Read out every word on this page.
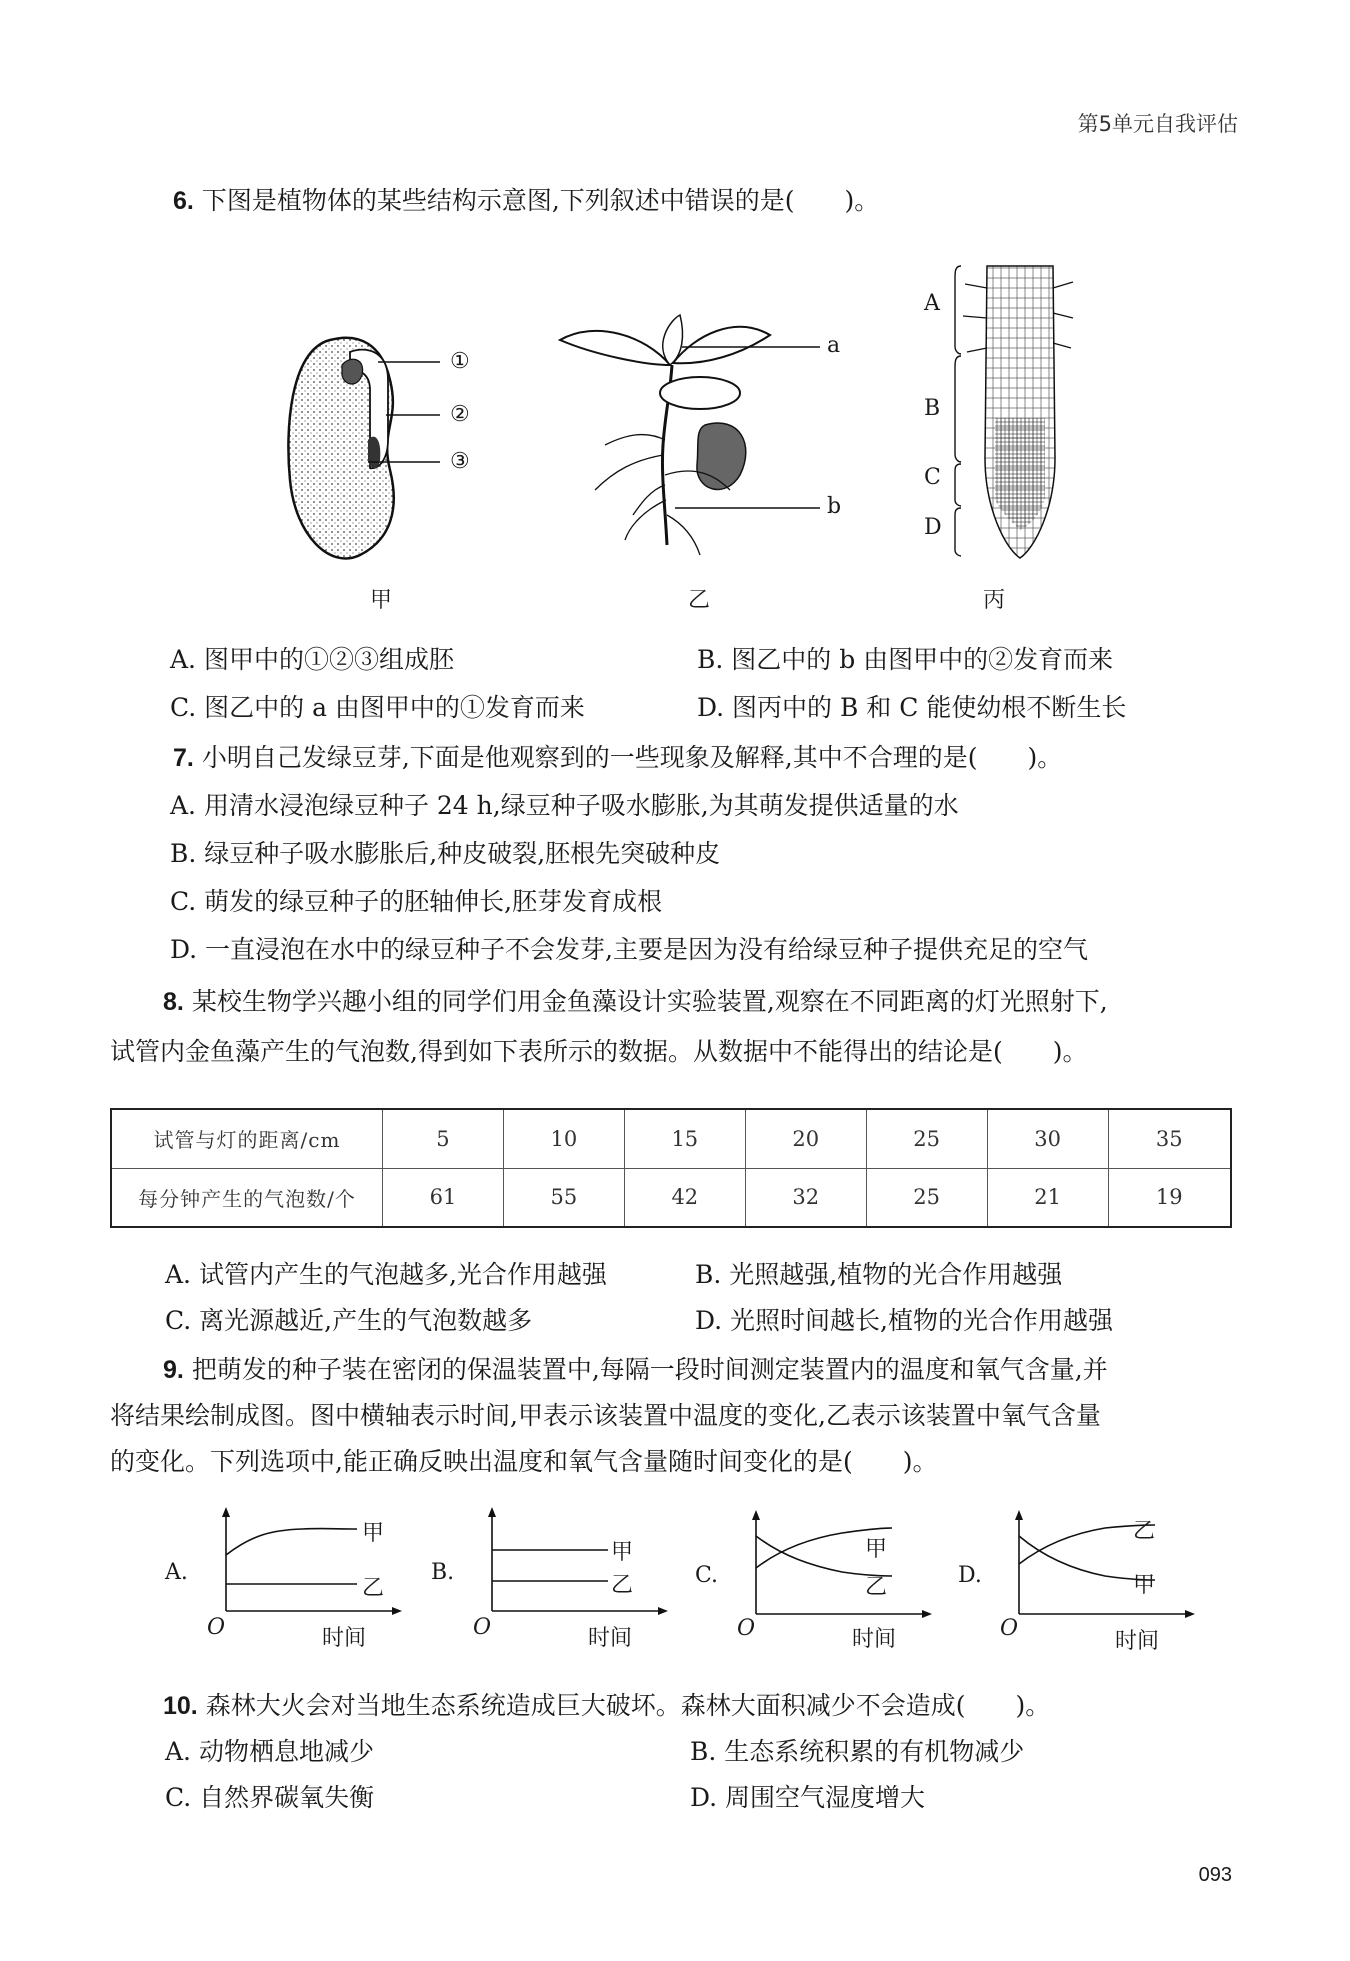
第5单元自我评估
6. 下图是植物体的某些结构示意图,下列叙述中错误的是(　　)。
①
②
③
甲
a
b
乙
A
B
C
D
丙
A. 图甲中的①②③组成胚	B. 图乙中的 b 由图甲中的②发育而来
C. 图乙中的 a 由图甲中的①发育而来	D. 图丙中的 B 和 C 能使幼根不断生长
7. 小明自己发绿豆芽,下面是他观察到的一些现象及解释,其中不合理的是(　　)。
A. 用清水浸泡绿豆种子 24 h,绿豆种子吸水膨胀,为其萌发提供适量的水
B. 绿豆种子吸水膨胀后,种皮破裂,胚根先突破种皮
C. 萌发的绿豆种子的胚轴伸长,胚芽发育成根
D. 一直浸泡在水中的绿豆种子不会发芽,主要是因为没有给绿豆种子提供充足的空气
8. 某校生物学兴趣小组的同学们用金鱼藻设计实验装置,观察在不同距离的灯光照射下,
试管内金鱼藻产生的气泡数,得到如下表所示的数据。从数据中不能得出的结论是(　　)。
试管与灯的距离/cm	5	10	15	20	25	30	35
每分钟产生的气泡数/个	61	55	42	32	25	21	19
A. 试管内产生的气泡越多,光合作用越强	B. 光照越强,植物的光合作用越强
C. 离光源越近,产生的气泡数越多	D. 光照时间越长,植物的光合作用越强
9. 把萌发的种子装在密闭的保温装置中,每隔一段时间测定装置内的温度和氧气含量,并
将结果绘制成图。图中横轴表示时间,甲表示该装置中温度的变化,乙表示该装置中氧气含量
的变化。下列选项中,能正确反映出温度和氧气含量随时间变化的是(　　)。
A.
甲
乙
O	时间
B.
甲
乙
O	时间
C.
甲
乙
O	时间
D.
乙
甲
O
时间
10. 森林大火会对当地生态系统造成巨大破坏。森林大面积减少不会造成(　　)。
A. 动物栖息地减少	B. 生态系统积累的有机物减少
C. 自然界碳氧失衡	D. 周围空气湿度增大
093
